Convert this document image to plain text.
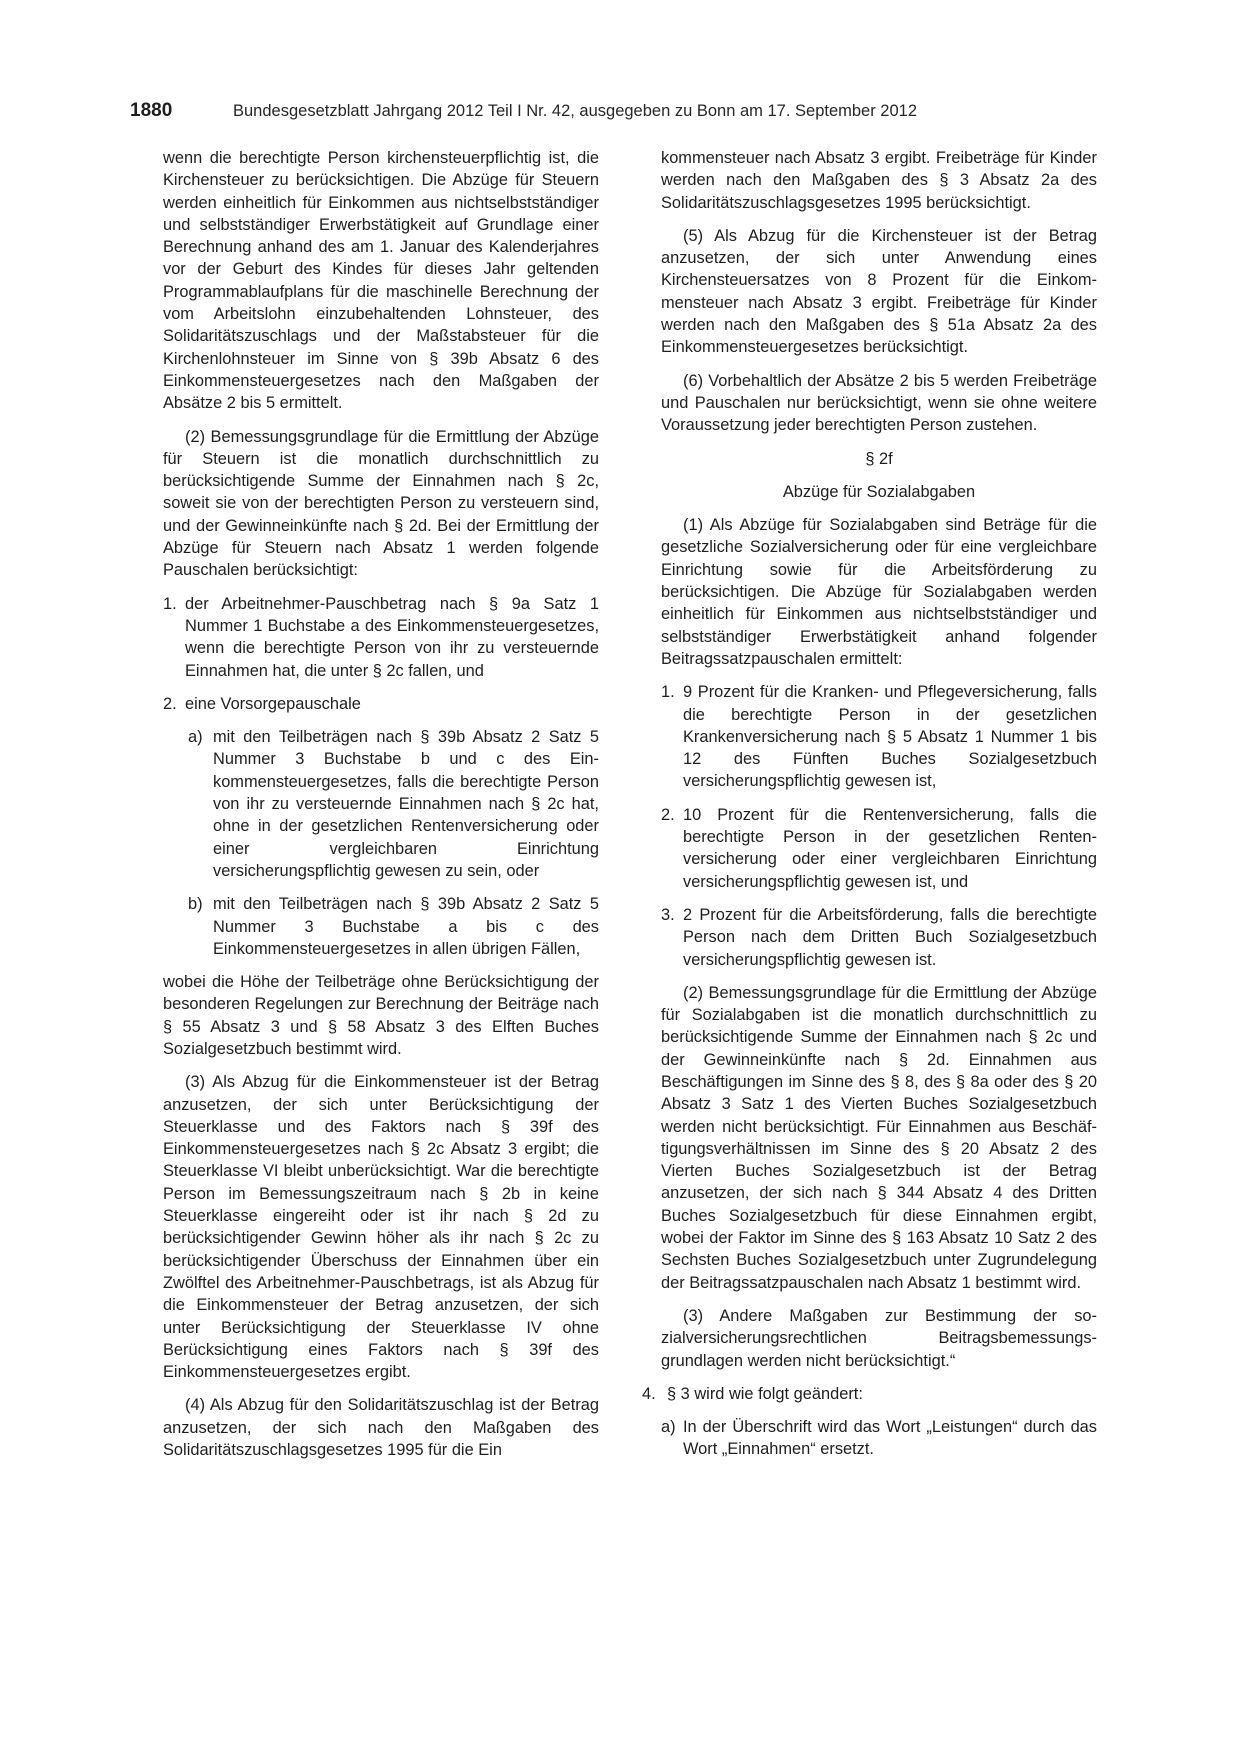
1880	Bundesgesetzblatt Jahrgang 2012 Teil I Nr. 42, ausgegeben zu Bonn am 17. September 2012

wenn die berechtigte Person kirchensteuerpflichtig ist, die Kirchensteuer zu berücksichtigen. Die Abzüge für Steuern werden einheitlich für Einkommen aus nichtselbstständiger und selbstständiger Erwerbstätigkeit auf Grundlage einer Berechnung anhand des am 1. Januar des Kalenderjahres vor der Geburt des Kindes für dieses Jahr geltenden Programmablaufplans für die maschinelle Berechnung der vom Arbeitslohn einzubehaltenden Lohnsteuer, des Solidaritätszuschlags und der Maßstabsteuer für die Kirchenlohnsteuer im Sinne von § 39b Absatz 6 des Einkommensteuergesetzes nach den Maßgaben der Absätze 2 bis 5 ermittelt.

(2) Bemessungsgrundlage für die Ermittlung der Abzüge für Steuern ist die monatlich durchschnittlich zu berücksichtigende Summe der Einnahmen nach § 2c, soweit sie von der berechtigten Person zu versteuern sind, und der Gewinneinkünfte nach § 2d. Bei der Ermittlung der Abzüge für Steuern nach Absatz 1 werden folgende Pauschalen berücksichtigt:

1. der Arbeitnehmer-Pauschbetrag nach § 9a Satz 1 Nummer 1 Buchstabe a des Einkommensteuergesetzes, wenn die berechtigte Person von ihr zu versteuernde Einnahmen hat, die unter § 2c fallen, und
2. eine Vorsorgepauschale
a) mit den Teilbeträgen nach § 39b Absatz 2 Satz 5 Nummer 3 Buchstabe b und c des Einkommensteuergesetzes, falls die berechtigte Person von ihr zu versteuernde Einnahmen nach § 2c hat, ohne in der gesetzlichen Rentenversicherung oder einer vergleichbaren Einrichtung versicherungspflichtig gewesen zu sein, oder
b) mit den Teilbeträgen nach § 39b Absatz 2 Satz 5 Nummer 3 Buchstabe a bis c des Einkommensteuergesetzes in allen übrigen Fällen,

wobei die Höhe der Teilbeträge ohne Berücksichtigung der besonderen Regelungen zur Berechnung der Beiträge nach § 55 Absatz 3 und § 58 Absatz 3 des Elften Buches Sozialgesetzbuch bestimmt wird.

(3) Als Abzug für die Einkommensteuer ist der Betrag anzusetzen, der sich unter Berücksichtigung der Steuerklasse und des Faktors nach § 39f des Einkommensteuergesetzes nach § 2c Absatz 3 ergibt; die Steuerklasse VI bleibt unberücksichtigt. War die berechtigte Person im Bemessungszeitraum nach § 2b in keine Steuerklasse eingereiht oder ist ihr nach § 2d zu berücksichtigender Gewinn höher als ihr nach § 2c zu berücksichtigender Überschuss der Einnahmen über ein Zwölftel des Arbeitnehmer-Pauschbetrags, ist als Abzug für die Einkommensteuer der Betrag anzusetzen, der sich unter Berücksichtigung der Steuerklasse IV ohne Berücksichtigung eines Faktors nach § 39f des Einkommensteuergesetzes ergibt.

(4) Als Abzug für den Solidaritätszuschlag ist der Betrag anzusetzen, der sich nach den Maßgaben des Solidaritätszuschlagsgesetzes 1995 für die Ein

kommensteuer nach Absatz 3 ergibt. Freibeträge für Kinder werden nach den Maßgaben des § 3 Absatz 2a des Solidaritätszuschlagsgesetzes 1995 berücksichtigt.

(5) Als Abzug für die Kirchensteuer ist der Betrag anzusetzen, der sich unter Anwendung eines Kirchensteuersatzes von 8 Prozent für die Einkommensteuer nach Absatz 3 ergibt. Freibeträge für Kinder werden nach den Maßgaben des § 51a Absatz 2a des Einkommensteuergesetzes berücksichtigt.

(6) Vorbehaltlich der Absätze 2 bis 5 werden Freibeträge und Pauschalen nur berücksichtigt, wenn sie ohne weitere Voraussetzung jeder berechtigten Person zustehen.

§ 2f

Abzüge für Sozialabgaben

(1) Als Abzüge für Sozialabgaben sind Beträge für die gesetzliche Sozialversicherung oder für eine vergleichbare Einrichtung sowie für die Arbeitsförderung zu berücksichtigen. Die Abzüge für Sozialabgaben werden einheitlich für Einkommen aus nichtselbstständiger und selbstständiger Erwerbstätigkeit anhand folgender Beitragssatzpauschalen ermittelt:

1. 9 Prozent für die Kranken- und Pflegeversicherung, falls die berechtigte Person in der gesetzlichen Krankenversicherung nach § 5 Absatz 1 Nummer 1 bis 12 des Fünften Buches Sozialgesetzbuch versicherungspflichtig gewesen ist,
2. 10 Prozent für die Rentenversicherung, falls die berechtigte Person in der gesetzlichen Rentenversicherung oder einer vergleichbaren Einrichtung versicherungspflichtig gewesen ist, und
3. 2 Prozent für die Arbeitsförderung, falls die berechtigte Person nach dem Dritten Buch Sozialgesetzbuch versicherungspflichtig gewesen ist.

(2) Bemessungsgrundlage für die Ermittlung der Abzüge für Sozialabgaben ist die monatlich durchschnittlich zu berücksichtigende Summe der Einnahmen nach § 2c und der Gewinneinkünfte nach § 2d. Einnahmen aus Beschäftigungen im Sinne des § 8, des § 8a oder des § 20 Absatz 3 Satz 1 des Vierten Buches Sozialgesetzbuch werden nicht berücksichtigt. Für Einnahmen aus Beschäftigungsverhältnissen im Sinne des § 20 Absatz 2 des Vierten Buches Sozialgesetzbuch ist der Betrag anzusetzen, der sich nach § 344 Absatz 4 des Dritten Buches Sozialgesetzbuch für diese Einnahmen ergibt, wobei der Faktor im Sinne des § 163 Absatz 10 Satz 2 des Sechsten Buches Sozialgesetzbuch unter Zugrundelegung der Beitragssatzpauschalen nach Absatz 1 bestimmt wird.

(3) Andere Maßgaben zur Bestimmung der sozialversicherungsrechtlichen Beitragsbemessungsgrundlagen werden nicht berücksichtigt.“

4. § 3 wird wie folgt geändert:
a) In der Überschrift wird das Wort „Leistungen“ durch das Wort „Einnahmen“ ersetzt.
